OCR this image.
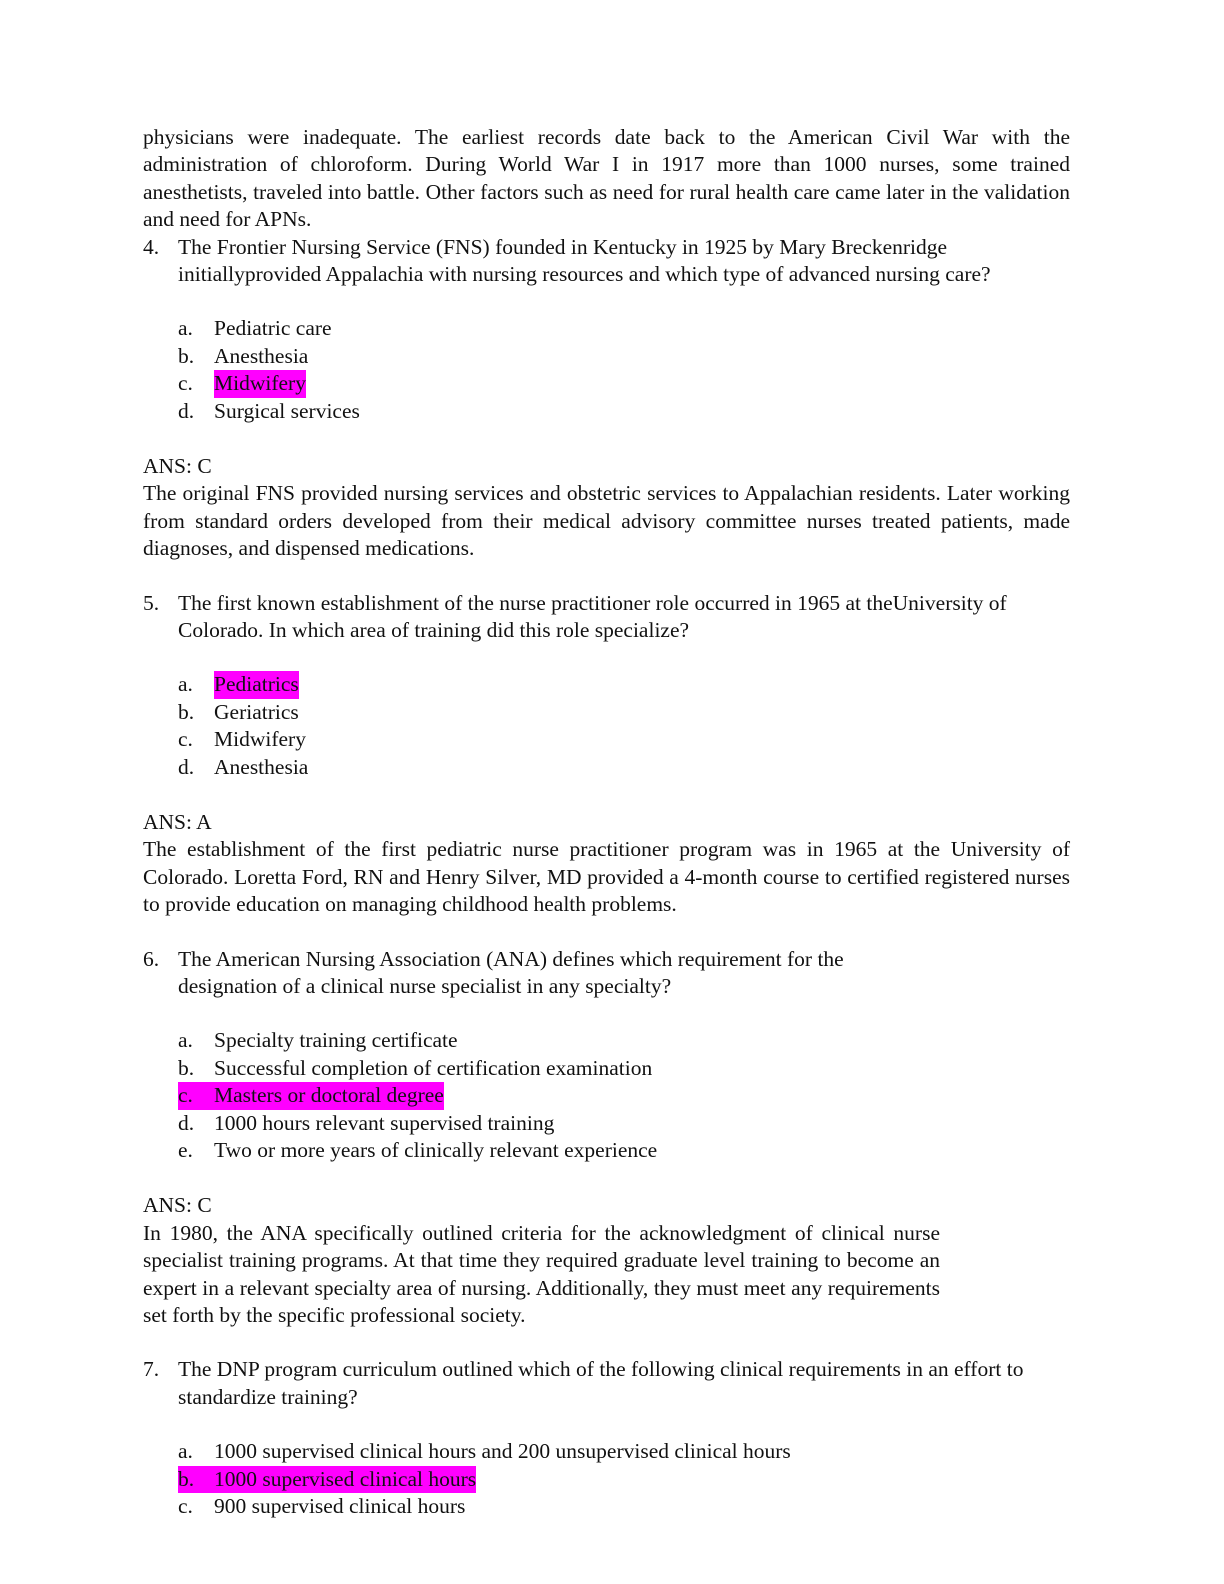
physicians were inadequate. The earliest records date back to the American Civil War with the administration of chloroform. During World War I in 1917 more than 1000 nurses, some trained anesthetists, traveled into battle. Other factors such as need for rural health care came later in the validation and need for APNs.

4. The Frontier Nursing Service (FNS) founded in Kentucky in 1925 by Mary Breckenridge initiallyprovided Appalachia with nursing resources and which type of advanced nursing care?
a. Pediatric care
b. Anesthesia
c. Midwifery
d. Surgical services

ANS: C

The original FNS provided nursing services and obstetric services to Appalachian residents. Later working from standard orders developed from their medical advisory committee nurses treated patients, made diagnoses, and dispensed medications.

5. The first known establishment of the nurse practitioner role occurred in 1965 at theUniversity of Colorado. In which area of training did this role specialize?
a. Pediatrics
b. Geriatrics
c. Midwifery
d. Anesthesia

ANS: A

The establishment of the first pediatric nurse practitioner program was in 1965 at the University of Colorado. Loretta Ford, RN and Henry Silver, MD provided a 4-month course to certified registered nurses to provide education on managing childhood health problems.

6. The American Nursing Association (ANA) defines which requirement for the designation of a clinical nurse specialist in any specialty?
a. Specialty training certificate
b. Successful completion of certification examination
c. Masters or doctoral degree
d. 1000 hours relevant supervised training
e. Two or more years of clinically relevant experience

ANS: C

In 1980, the ANA specifically outlined criteria for the acknowledgment of clinical nurse specialist training programs. At that time they required graduate level training to become an expert in a relevant specialty area of nursing. Additionally, they must meet any requirements set forth by the specific professional society.

7. The DNP program curriculum outlined which of the following clinical requirements in an effort to standardize training?
a. 1000 supervised clinical hours and 200 unsupervised clinical hours
b. 1000 supervised clinical hours
c. 900 supervised clinical hours
